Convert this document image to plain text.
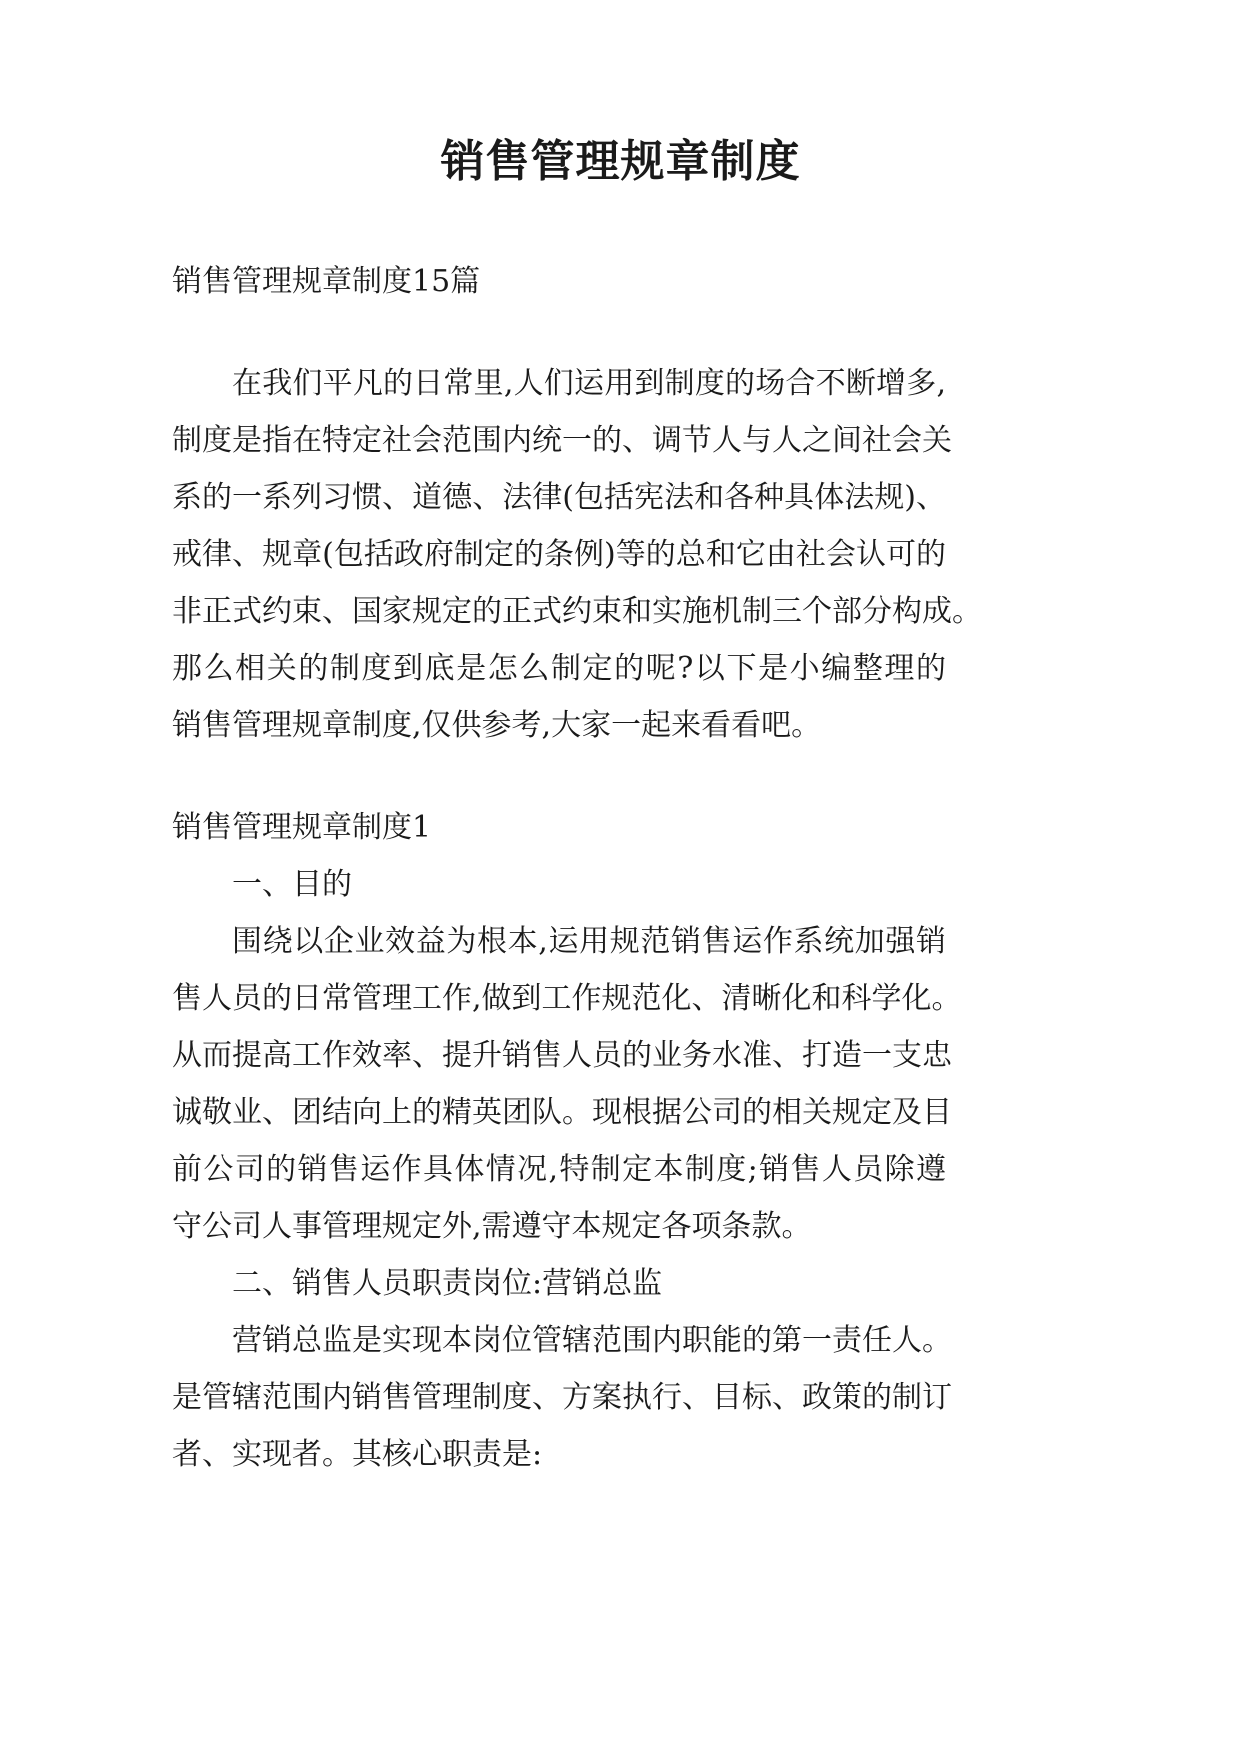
销售管理规章制度
销售管理规章制度15篇
在我们平凡的日常里,人们运用到制度的场合不断增多,
制度是指在特定社会范围内统一的、调节人与人之间社会关
系的一系列习惯、道德、法律(包括宪法和各种具体法规)、
戒律、规章(包括政府制定的条例)等的总和它由社会认可的
非正式约束、国家规定的正式约束和实施机制三个部分构成。
那么相关的制度到底是怎么制定的呢?以下是小编整理的
销售管理规章制度,仅供参考,大家一起来看看吧。
销售管理规章制度1
一、目的
围绕以企业效益为根本,运用规范销售运作系统加强销
售人员的日常管理工作,做到工作规范化、清晰化和科学化。
从而提高工作效率、提升销售人员的业务水准、打造一支忠
诚敬业、团结向上的精英团队。现根据公司的相关规定及目
前公司的销售运作具体情况,特制定本制度;销售人员除遵
守公司人事管理规定外,需遵守本规定各项条款。
二、销售人员职责岗位:营销总监
营销总监是实现本岗位管辖范围内职能的第一责任人。
是管辖范围内销售管理制度、方案执行、目标、政策的制订
者、实现者。其核心职责是:
